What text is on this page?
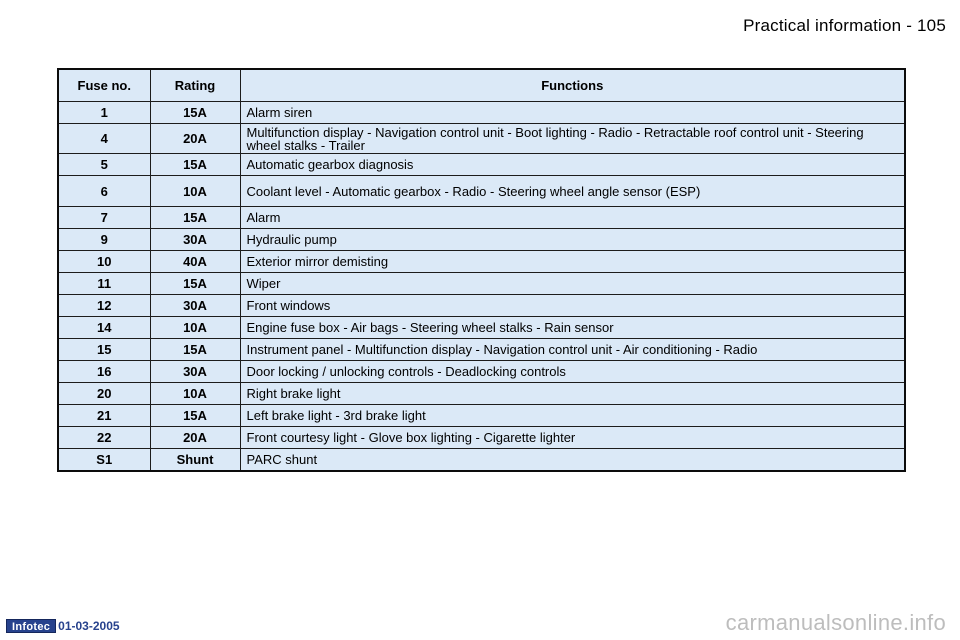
Practical information - 105
Fuse no.	Rating	Functions
1	15A	Alarm siren
4	20A	Multifunction display - Navigation control unit - Boot lighting - Radio - Retractable roof control unit - Steering wheel stalks - Trailer
5	15A	Automatic gearbox diagnosis
6	10A	Coolant level - Automatic gearbox - Radio - Steering wheel angle sensor (ESP)
7	15A	Alarm
9	30A	Hydraulic pump
10	40A	Exterior mirror demisting
11	15A	Wiper
12	30A	Front windows
14	10A	Engine fuse box - Air bags - Steering wheel stalks - Rain sensor
15	15A	Instrument panel - Multifunction display - Navigation control unit - Air conditioning - Radio
16	30A	Door locking / unlocking controls - Deadlocking controls
20	10A	Right brake light
21	15A	Left brake light - 3rd brake light
22	20A	Front courtesy light - Glove box lighting - Cigarette lighter
S1	Shunt	PARC shunt
Infotec 01-03-2005	carmanualsonline.info
